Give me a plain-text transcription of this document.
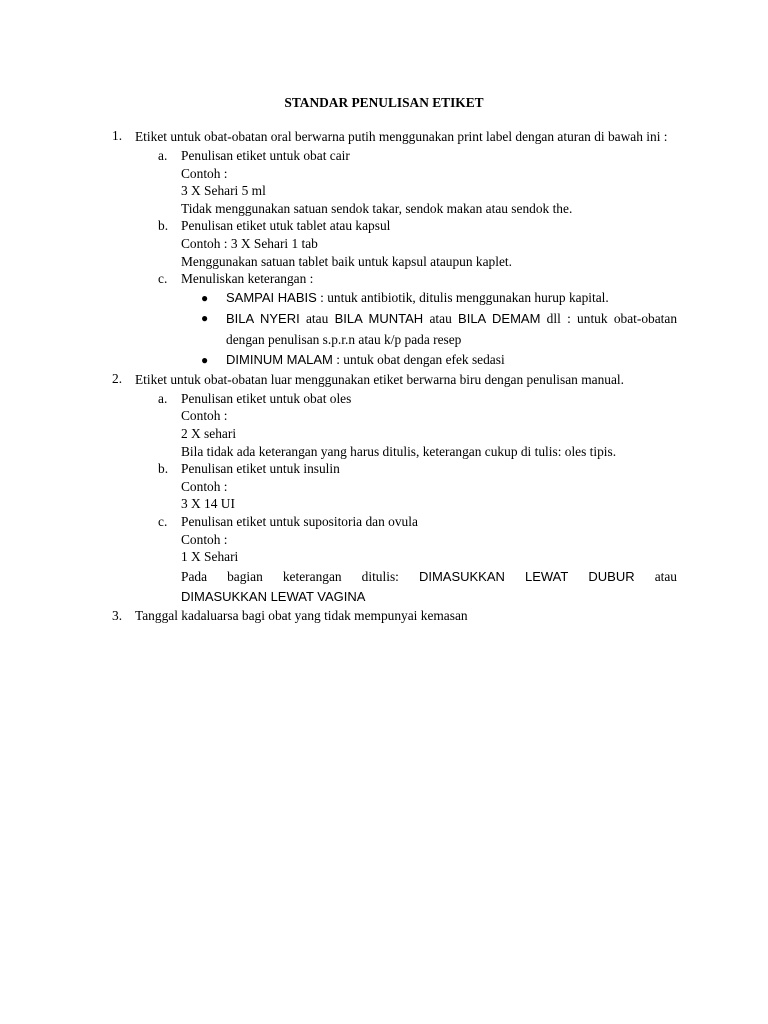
STANDAR PENULISAN ETIKET
1. Etiket untuk obat-obatan oral berwarna putih menggunakan print label dengan aturan di bawah ini :
a. Penulisan etiket untuk obat cair
Contoh :
3 X Sehari 5 ml
Tidak menggunakan satuan sendok takar, sendok makan atau sendok the.
b. Penulisan etiket utuk tablet atau kapsul
Contoh : 3 X Sehari 1 tab
Menggunakan satuan tablet baik untuk kapsul ataupun kaplet.
c. Menuliskan keterangan :
● SAMPAI HABIS : untuk antibiotik, ditulis menggunakan hurup kapital.
● BILA NYERI atau BILA MUNTAH atau BILA DEMAM dll : untuk obat-obatan dengan penulisan s.p.r.n atau k/p pada resep
● DIMINUM MALAM : untuk obat dengan efek sedasi
2. Etiket untuk obat-obatan luar menggunakan etiket berwarna biru dengan penulisan manual.
a. Penulisan etiket untuk obat oles
Contoh :
2 X sehari
Bila tidak ada keterangan yang harus ditulis, keterangan cukup di tulis: oles tipis.
b. Penulisan etiket untuk insulin
Contoh :
3 X 14 UI
c. Penulisan etiket untuk supositoria dan ovula
Contoh :
1 X Sehari
Pada bagian keterangan ditulis: DIMASUKKAN LEWAT DUBUR atau
DIMASUKKAN LEWAT VAGINA
3. Tanggal kadaluarsa bagi obat yang tidak mempunyai kemasan
